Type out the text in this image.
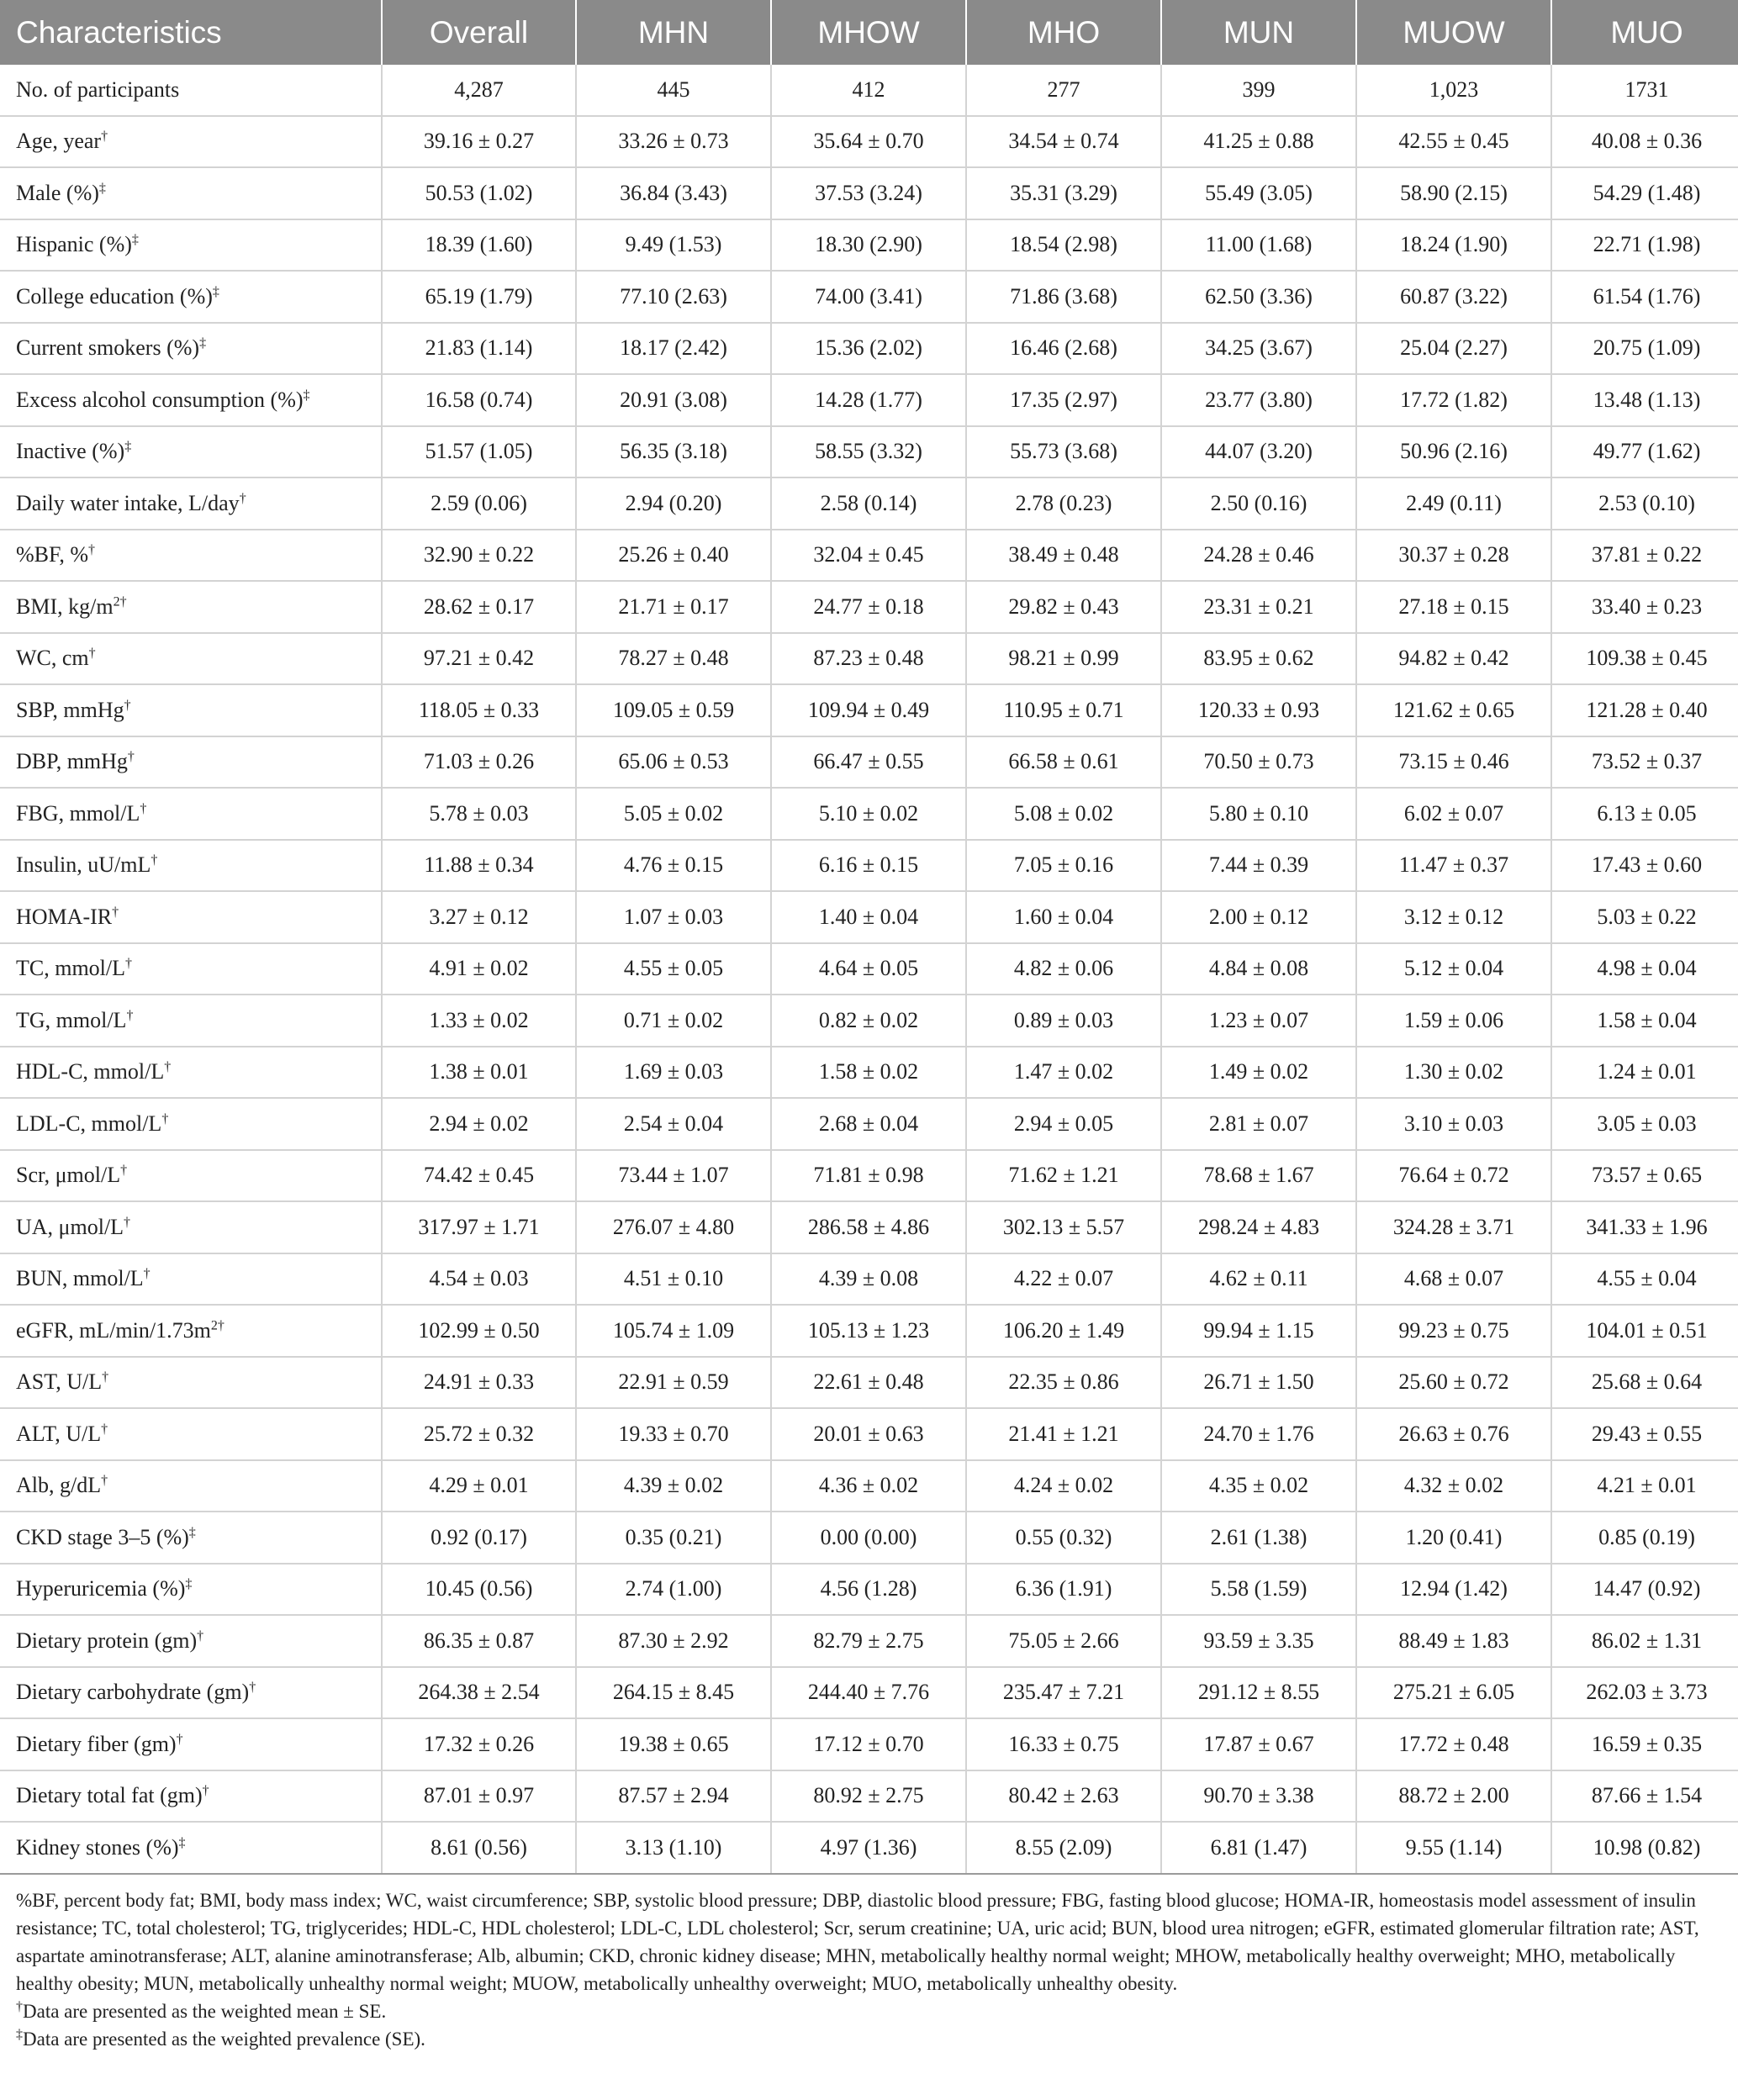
Characteristics	Overall	MHN	MHOW	MHO	MUN	MUOW	MUO
No. of participants	4,287	445	412	277	399	1,023	1731
Age, year†	39.16 ± 0.27	33.26 ± 0.73	35.64 ± 0.70	34.54 ± 0.74	41.25 ± 0.88	42.55 ± 0.45	40.08 ± 0.36
Male (%)‡	50.53 (1.02)	36.84 (3.43)	37.53 (3.24)	35.31 (3.29)	55.49 (3.05)	58.90 (2.15)	54.29 (1.48)
Hispanic (%)‡	18.39 (1.60)	9.49 (1.53)	18.30 (2.90)	18.54 (2.98)	11.00 (1.68)	18.24 (1.90)	22.71 (1.98)
College education (%)‡	65.19 (1.79)	77.10 (2.63)	74.00 (3.41)	71.86 (3.68)	62.50 (3.36)	60.87 (3.22)	61.54 (1.76)
Current smokers (%)‡	21.83 (1.14)	18.17 (2.42)	15.36 (2.02)	16.46 (2.68)	34.25 (3.67)	25.04 (2.27)	20.75 (1.09)
Excess alcohol consumption (%)‡	16.58 (0.74)	20.91 (3.08)	14.28 (1.77)	17.35 (2.97)	23.77 (3.80)	17.72 (1.82)	13.48 (1.13)
Inactive (%)‡	51.57 (1.05)	56.35 (3.18)	58.55 (3.32)	55.73 (3.68)	44.07 (3.20)	50.96 (2.16)	49.77 (1.62)
Daily water intake, L/day†	2.59 (0.06)	2.94 (0.20)	2.58 (0.14)	2.78 (0.23)	2.50 (0.16)	2.49 (0.11)	2.53 (0.10)
%BF, %†	32.90 ± 0.22	25.26 ± 0.40	32.04 ± 0.45	38.49 ± 0.48	24.28 ± 0.46	30.37 ± 0.28	37.81 ± 0.22
BMI, $kg/m^{2\dagger}$	28.62 ± 0.17	21.71 ± 0.17	24.77 ± 0.18	29.82 ± 0.43	23.31 ± 0.21	27.18 ± 0.15	33.40 ± 0.23
WC, cm†	97.21 ± 0.42	78.27 ± 0.48	87.23 ± 0.48	98.21 ± 0.99	83.95 ± 0.62	94.82 ± 0.42	109.38 ± 0.45
SBP, mmHg†	118.05 ± 0.33	109.05 ± 0.59	109.94 ± 0.49	110.95 ± 0.71	120.33 ± 0.93	121.62 ± 0.65	121.28 ± 0.40
DBP, mmHg†	71.03 ± 0.26	65.06 ± 0.53	66.47 ± 0.55	66.58 ± 0.61	70.50 ± 0.73	73.15 ± 0.46	73.52 ± 0.37
FBG, mmol/L†	5.78 ± 0.03	5.05 ± 0.02	5.10 ± 0.02	5.08 ± 0.02	5.80 ± 0.10	6.02 ± 0.07	6.13 ± 0.05
Insulin, uU/mL†	11.88 ± 0.34	4.76 ± 0.15	6.16 ± 0.15	7.05 ± 0.16	7.44 ± 0.39	11.47 ± 0.37	17.43 ± 0.60
HOMA-IR†	3.27 ± 0.12	1.07 ± 0.03	1.40 ± 0.04	1.60 ± 0.04	2.00 ± 0.12	3.12 ± 0.12	5.03 ± 0.22
TC, mmol/L†	4.91 ± 0.02	4.55 ± 0.05	4.64 ± 0.05	4.82 ± 0.06	4.84 ± 0.08	5.12 ± 0.04	4.98 ± 0.04
TG, mmol/L†	1.33 ± 0.02	0.71 ± 0.02	0.82 ± 0.02	0.89 ± 0.03	1.23 ± 0.07	1.59 ± 0.06	1.58 ± 0.04
HDL-C, mmol/L†	1.38 ± 0.01	1.69 ± 0.03	1.58 ± 0.02	1.47 ± 0.02	1.49 ± 0.02	1.30 ± 0.02	1.24 ± 0.01
LDL-C, mmol/L†	2.94 ± 0.02	2.54 ± 0.04	2.68 ± 0.04	2.94 ± 0.05	2.81 ± 0.07	3.10 ± 0.03	3.05 ± 0.03
Scr, μmol/L†	74.42 ± 0.45	73.44 ± 1.07	71.81 ± 0.98	71.62 ± 1.21	78.68 ± 1.67	76.64 ± 0.72	73.57 ± 0.65
UA, μmol/L†	317.97 ± 1.71	276.07 ± 4.80	286.58 ± 4.86	302.13 ± 5.57	298.24 ± 4.83	324.28 ± 3.71	341.33 ± 1.96
BUN, mmol/L†	4.54 ± 0.03	4.51 ± 0.10	4.39 ± 0.08	4.22 ± 0.07	4.62 ± 0.11	4.68 ± 0.07	4.55 ± 0.04
eGFR, $mL/\min/1.73m^{2\dagger}$	102.99 ± 0.50	105.74 ± 1.09	105.13 ± 1.23	106.20 ± 1.49	99.94 ± 1.15	99.23 ± 0.75	104.01 ± 0.51
AST, U/L†	24.91 ± 0.33	22.91 ± 0.59	22.61 ± 0.48	22.35 ± 0.86	26.71 ± 1.50	25.60 ± 0.72	25.68 ± 0.64
ALT, U/L†	25.72 ± 0.32	19.33 ± 0.70	20.01 ± 0.63	21.41 ± 1.21	24.70 ± 1.76	26.63 ± 0.76	29.43 ± 0.55
Alb, g/dL†	4.29 ± 0.01	4.39 ± 0.02	4.36 ± 0.02	4.24 ± 0.02	4.35 ± 0.02	4.32 ± 0.02	4.21 ± 0.01
CKD stage 3–5 (%)‡	0.92 (0.17)	0.35 (0.21)	0.00 (0.00)	0.55 (0.32)	2.61 (1.38)	1.20 (0.41)	0.85 (0.19)
Hyperuricemia (%)‡	10.45 (0.56)	2.74 (1.00)	4.56 (1.28)	6.36 (1.91)	5.58 (1.59)	12.94 (1.42)	14.47 (0.92)
Dietary protein (gm)†	86.35 ± 0.87	87.30 ± 2.92	82.79 ± 2.75	75.05 ± 2.66	93.59 ± 3.35	88.49 ± 1.83	86.02 ± 1.31
Dietary carbohydrate (gm)†	264.38 ± 2.54	264.15 ± 8.45	244.40 ± 7.76	235.47 ± 7.21	291.12 ± 8.55	275.21 ± 6.05	262.03 ± 3.73
Dietary fiber (gm)†	17.32 ± 0.26	19.38 ± 0.65	17.12 ± 0.70	16.33 ± 0.75	17.87 ± 0.67	17.72 ± 0.48	16.59 ± 0.35
Dietary total fat (gm)†	87.01 ± 0.97	87.57 ± 2.94	80.92 ± 2.75	80.42 ± 2.63	90.70 ± 3.38	88.72 ± 2.00	87.66 ± 1.54
Kidney stones (%)‡	8.61 (0.56)	3.13 (1.10)	4.97 (1.36)	8.55 (2.09)	6.81 (1.47)	9.55 (1.14)	10.98 (0.82)

%BF, percent body fat; BMI, body mass index; WC, waist circumference; SBP, systolic blood pressure; DBP, diastolic blood pressure; FBG, fasting blood glucose; HOMA-IR, homeostasis model assessment of insulin resistance; TC, total cholesterol; TG, triglycerides; HDL-C, HDL cholesterol; LDL-C, LDL cholesterol; Scr, serum creatinine; UA, uric acid; BUN, blood urea nitrogen; eGFR, estimated glomerular filtration rate; AST, aspartate aminotransferase; ALT, alanine aminotransferase; Alb, albumin; CKD, chronic kidney disease; MHN, metabolically healthy normal weight; MHOW, metabolically healthy overweight; MHO, metabolically healthy obesity; MUN, metabolically unhealthy normal weight; MUOW, metabolically unhealthy overweight; MUO, metabolically unhealthy obesity.

†Data are presented as the weighted mean ± SE.

‡Data are presented as the weighted prevalence (SE).
